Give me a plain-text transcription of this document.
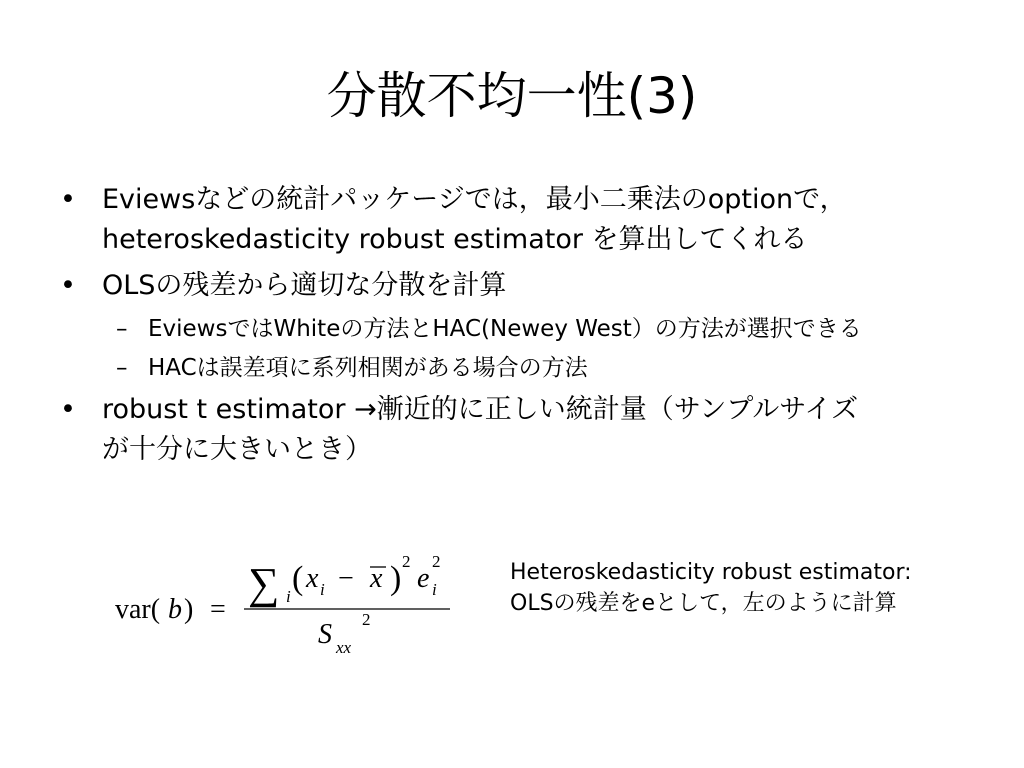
分散不均一性(3)
• Eviewsなどの統計パッケージでは，最小二乗法のoptionで，
heteroskedasticity robust estimator を算出してくれる
• OLSの残差から適切な分散を計算
– EviewsではWhiteの方法とHAC(Newey West）の方法が選択できる
– HACは誤差項に系列相関がある場合の方法
• robust t estimator →漸近的に正しい統計量（サンプルサイズ
が十分に大きいとき）
var( b ) =
∑ i ( x i − x ) 2
e
2
i
S xx
2
Heteroskedasticity robust estimator:
OLSの残差をeとして，左のように計算
